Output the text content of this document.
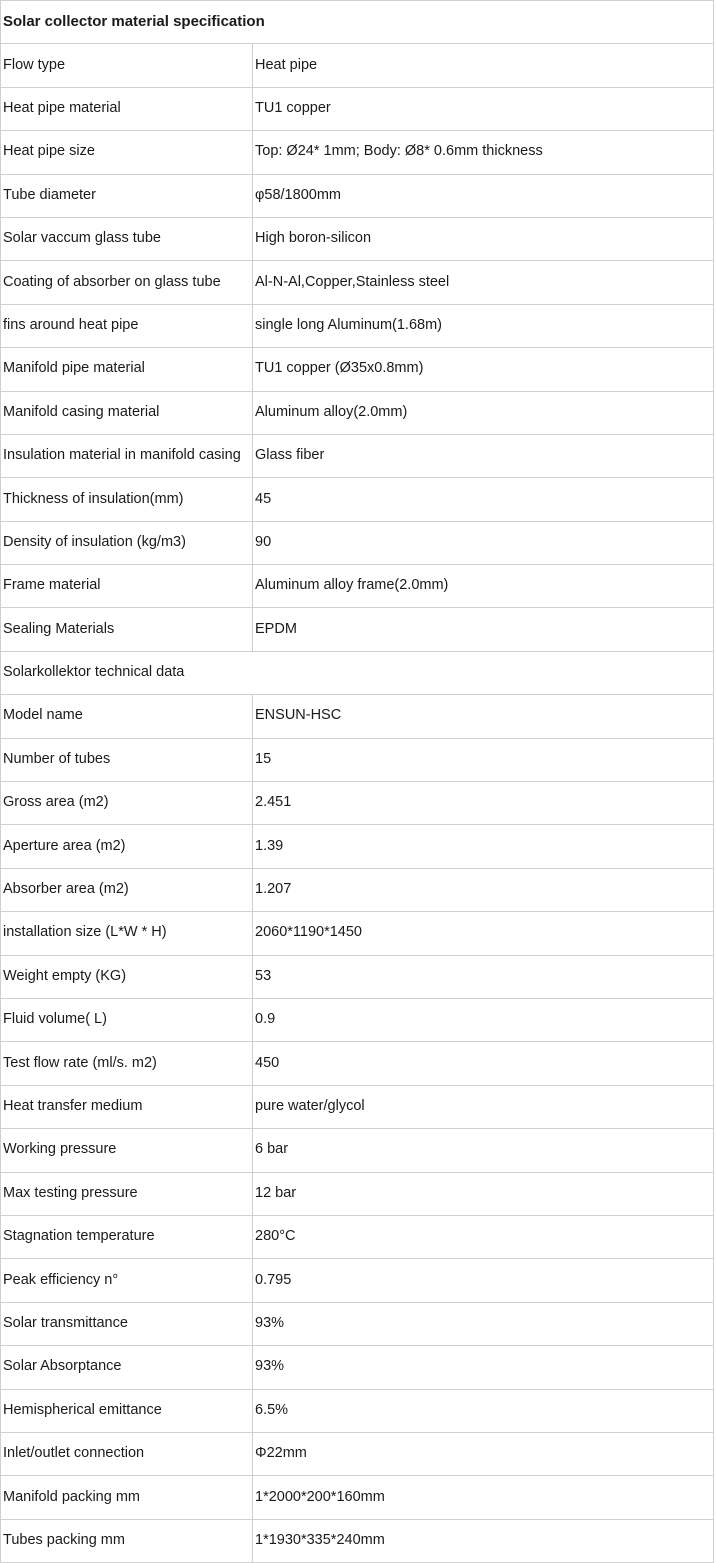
Solar collector material specification	
Flow type	Heat pipe
Heat pipe material	TU1 copper
Heat pipe size	Top: Ø24* 1mm; Body: Ø8* 0.6mm thickness
Tube diameter	φ58/1800mm
Solar vaccum glass tube	High boron-silicon
Coating of absorber on glass tube	Al-N-Al,Copper,Stainless steel
fins around heat pipe	single long Aluminum(1.68m)
Manifold pipe material	TU1 copper (Ø35x0.8mm)
Manifold casing material	Aluminum alloy(2.0mm)
Insulation material in manifold casing	Glass fiber
Thickness of insulation(mm)	45
Density of insulation (kg/m3)	90
Frame material	Aluminum alloy frame(2.0mm)
Sealing Materials	EPDM
Solarkollektor technical data	
Model name	ENSUN-HSC
Number of tubes	15
Gross area (m2)	2.451
Aperture area (m2)	1.39
Absorber area (m2)	1.207
installation size (L*W * H)	2060*1190*1450
Weight empty (KG)	53
Fluid volume( L)	0.9
Test flow rate (ml/s. m2)	450
Heat transfer medium	pure water/glycol
Working pressure	6 bar
Max testing pressure	12 bar
Stagnation temperature	280°C
Peak efficiency n°	0.795
Solar transmittance	93%
Solar Absorptance	93%
Hemispherical emittance	6.5%
Inlet/outlet connection	Φ22mm
Manifold packing mm	1*2000*200*160mm
Tubes packing mm	1*1930*335*240mm
